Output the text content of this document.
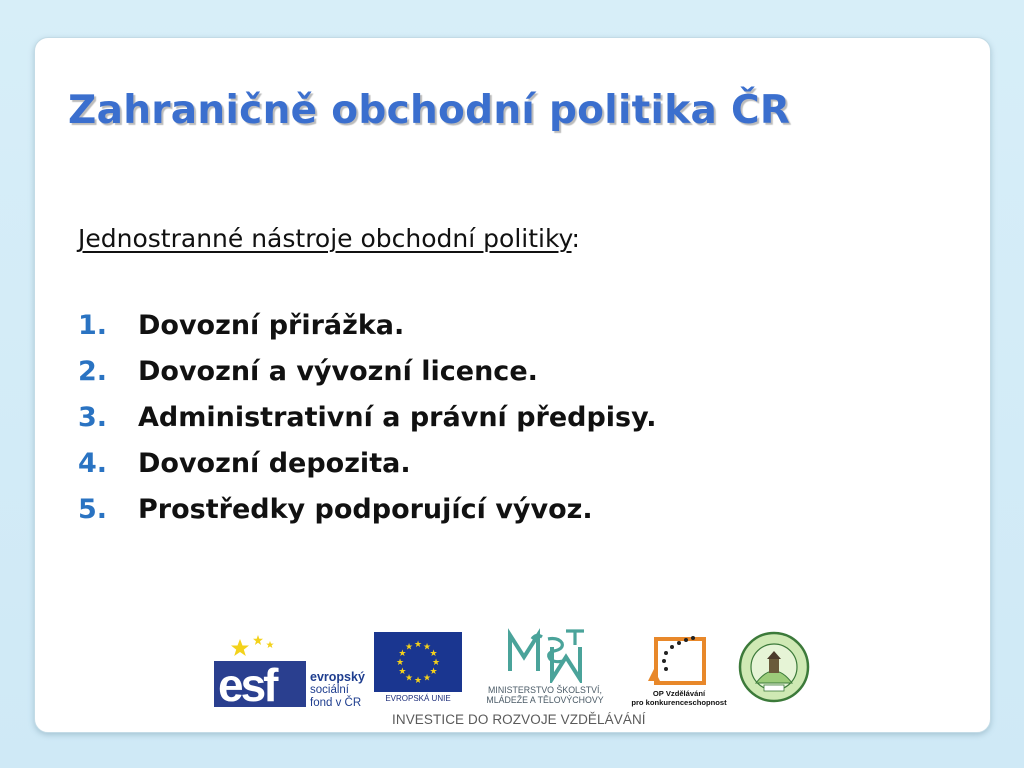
Zahraničně obchodní politika ČR
Jednostranné nástroje obchodní politiky:
1.	Dovozní přirážka.
2.	Dovozní a vývozní licence.
3.	Administrativní a právní předpisy.
4.	Dovozní depozita.
5.	Prostředky podporující vývoz.
esf	evropský
sociální
fond v ČR
★ ★
★
★
★
★
★
★
★
★
★
★
EVROPSKÁ UNIE
MINISTERSTVO ŠKOLSTVÍ,
MLÁDEŽE A TĚLOVÝCHOVY
OP Vzdělávání
pro konkurenceschopnost
INVESTICE DO ROZVOJE VZDĚLÁVÁNÍ
